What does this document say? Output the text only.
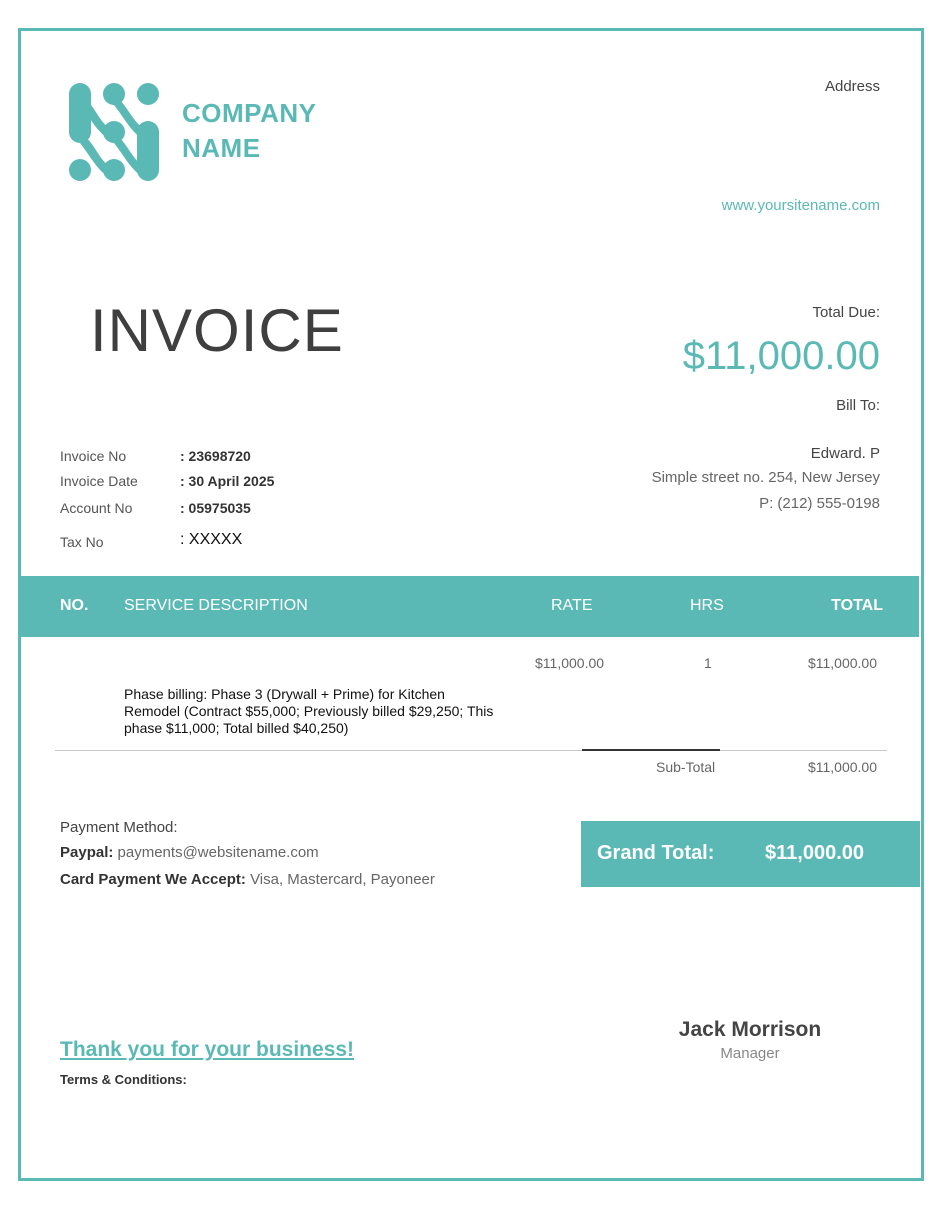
COMPANY
NAME
Address
www.yoursitename.com
INVOICE	Total Due:
$11,000.00
Bill To:
Edward. P
Simple street no. 254, New Jersey
P: (212) 555-0198
Invoice No	: 23698720
Invoice Date	: 30 April 2025
Account No	: 05975035
Tax No	: XXXXX
NO. SERVICE DESCRIPTION	RATE	HRS	TOTAL
$11,000.00	1	$11,000.00
Phase billing: Phase 3 (Drywall + Prime) for Kitchen Remodel (Contract $55,000; Previously billed $29,250; This phase $11,000; Total billed $40,250)
Sub-Total	$11,000.00
Payment Method:
Paypal: payments@websitename.com
Card Payment We Accept: Visa, Mastercard, Payoneer
Grand Total:	$11,000.00
Thank you for your business!
Terms & Conditions:
Jack Morrison
Manager
